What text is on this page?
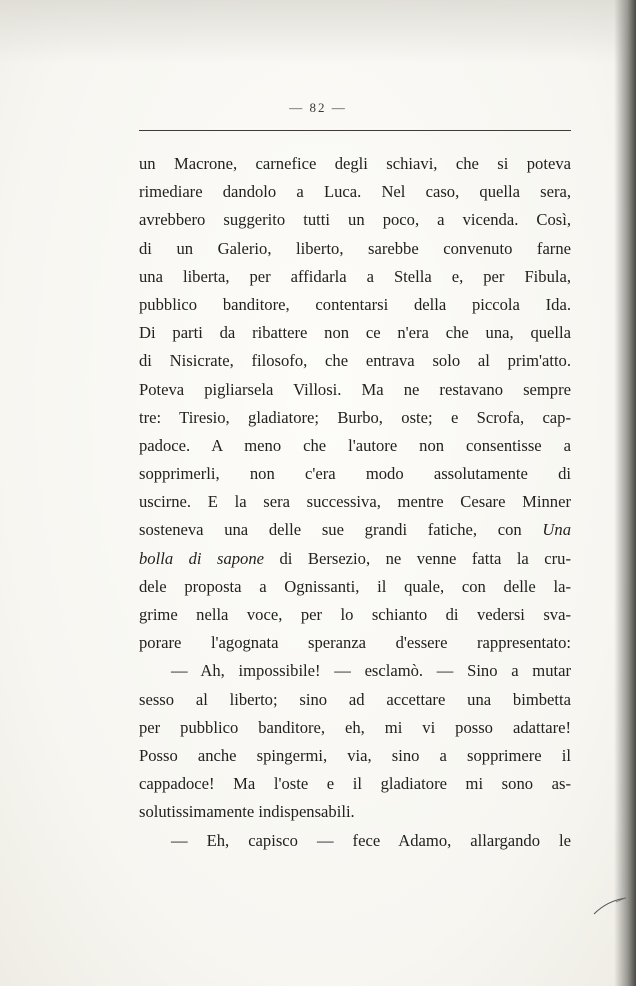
— 82 —
un Macrone, carnefice degli schiavi, che si poteva
rimediare dandolo a Luca. Nel caso, quella sera,
avrebbero suggerito tutti un poco, a vicenda. Così,
di un Galerio, liberto, sarebbe convenuto farne
una liberta, per affidarla a Stella e, per Fibula,
pubblico banditore, contentarsi della piccola Ida.
Di parti da ribattere non ce n'era che una, quella
di Nisicrate, filosofo, che entrava solo al prim'atto.
Poteva pigliarsela Villosi. Ma ne restavano sempre
tre: Tiresio, gladiatore; Burbo, oste; e Scrofa, cap-
padoce. A meno che l'autore non consentisse a
sopprimerli, non c'era modo assolutamente di
uscirne. E la sera successiva, mentre Cesare Minner
sosteneva una delle sue grandi fatiche, con Una
bolla di sapone di Bersezio, ne venne fatta la cru-
dele proposta a Ognissanti, il quale, con delle la-
grime nella voce, per lo schianto di vedersi sva-
porare l'agognata speranza d'essere rappresentato:
— Ah, impossibile! — esclamò. — Sino a mutar
sesso al liberto; sino ad accettare una bimbetta
per pubblico banditore, eh, mi vi posso adattare!
Posso anche spingermi, via, sino a sopprimere il
cappadoce! Ma l'oste e il gladiatore mi sono as-
solutissimamente indispensabili.
— Eh, capisco — fece Adamo, allargando le
